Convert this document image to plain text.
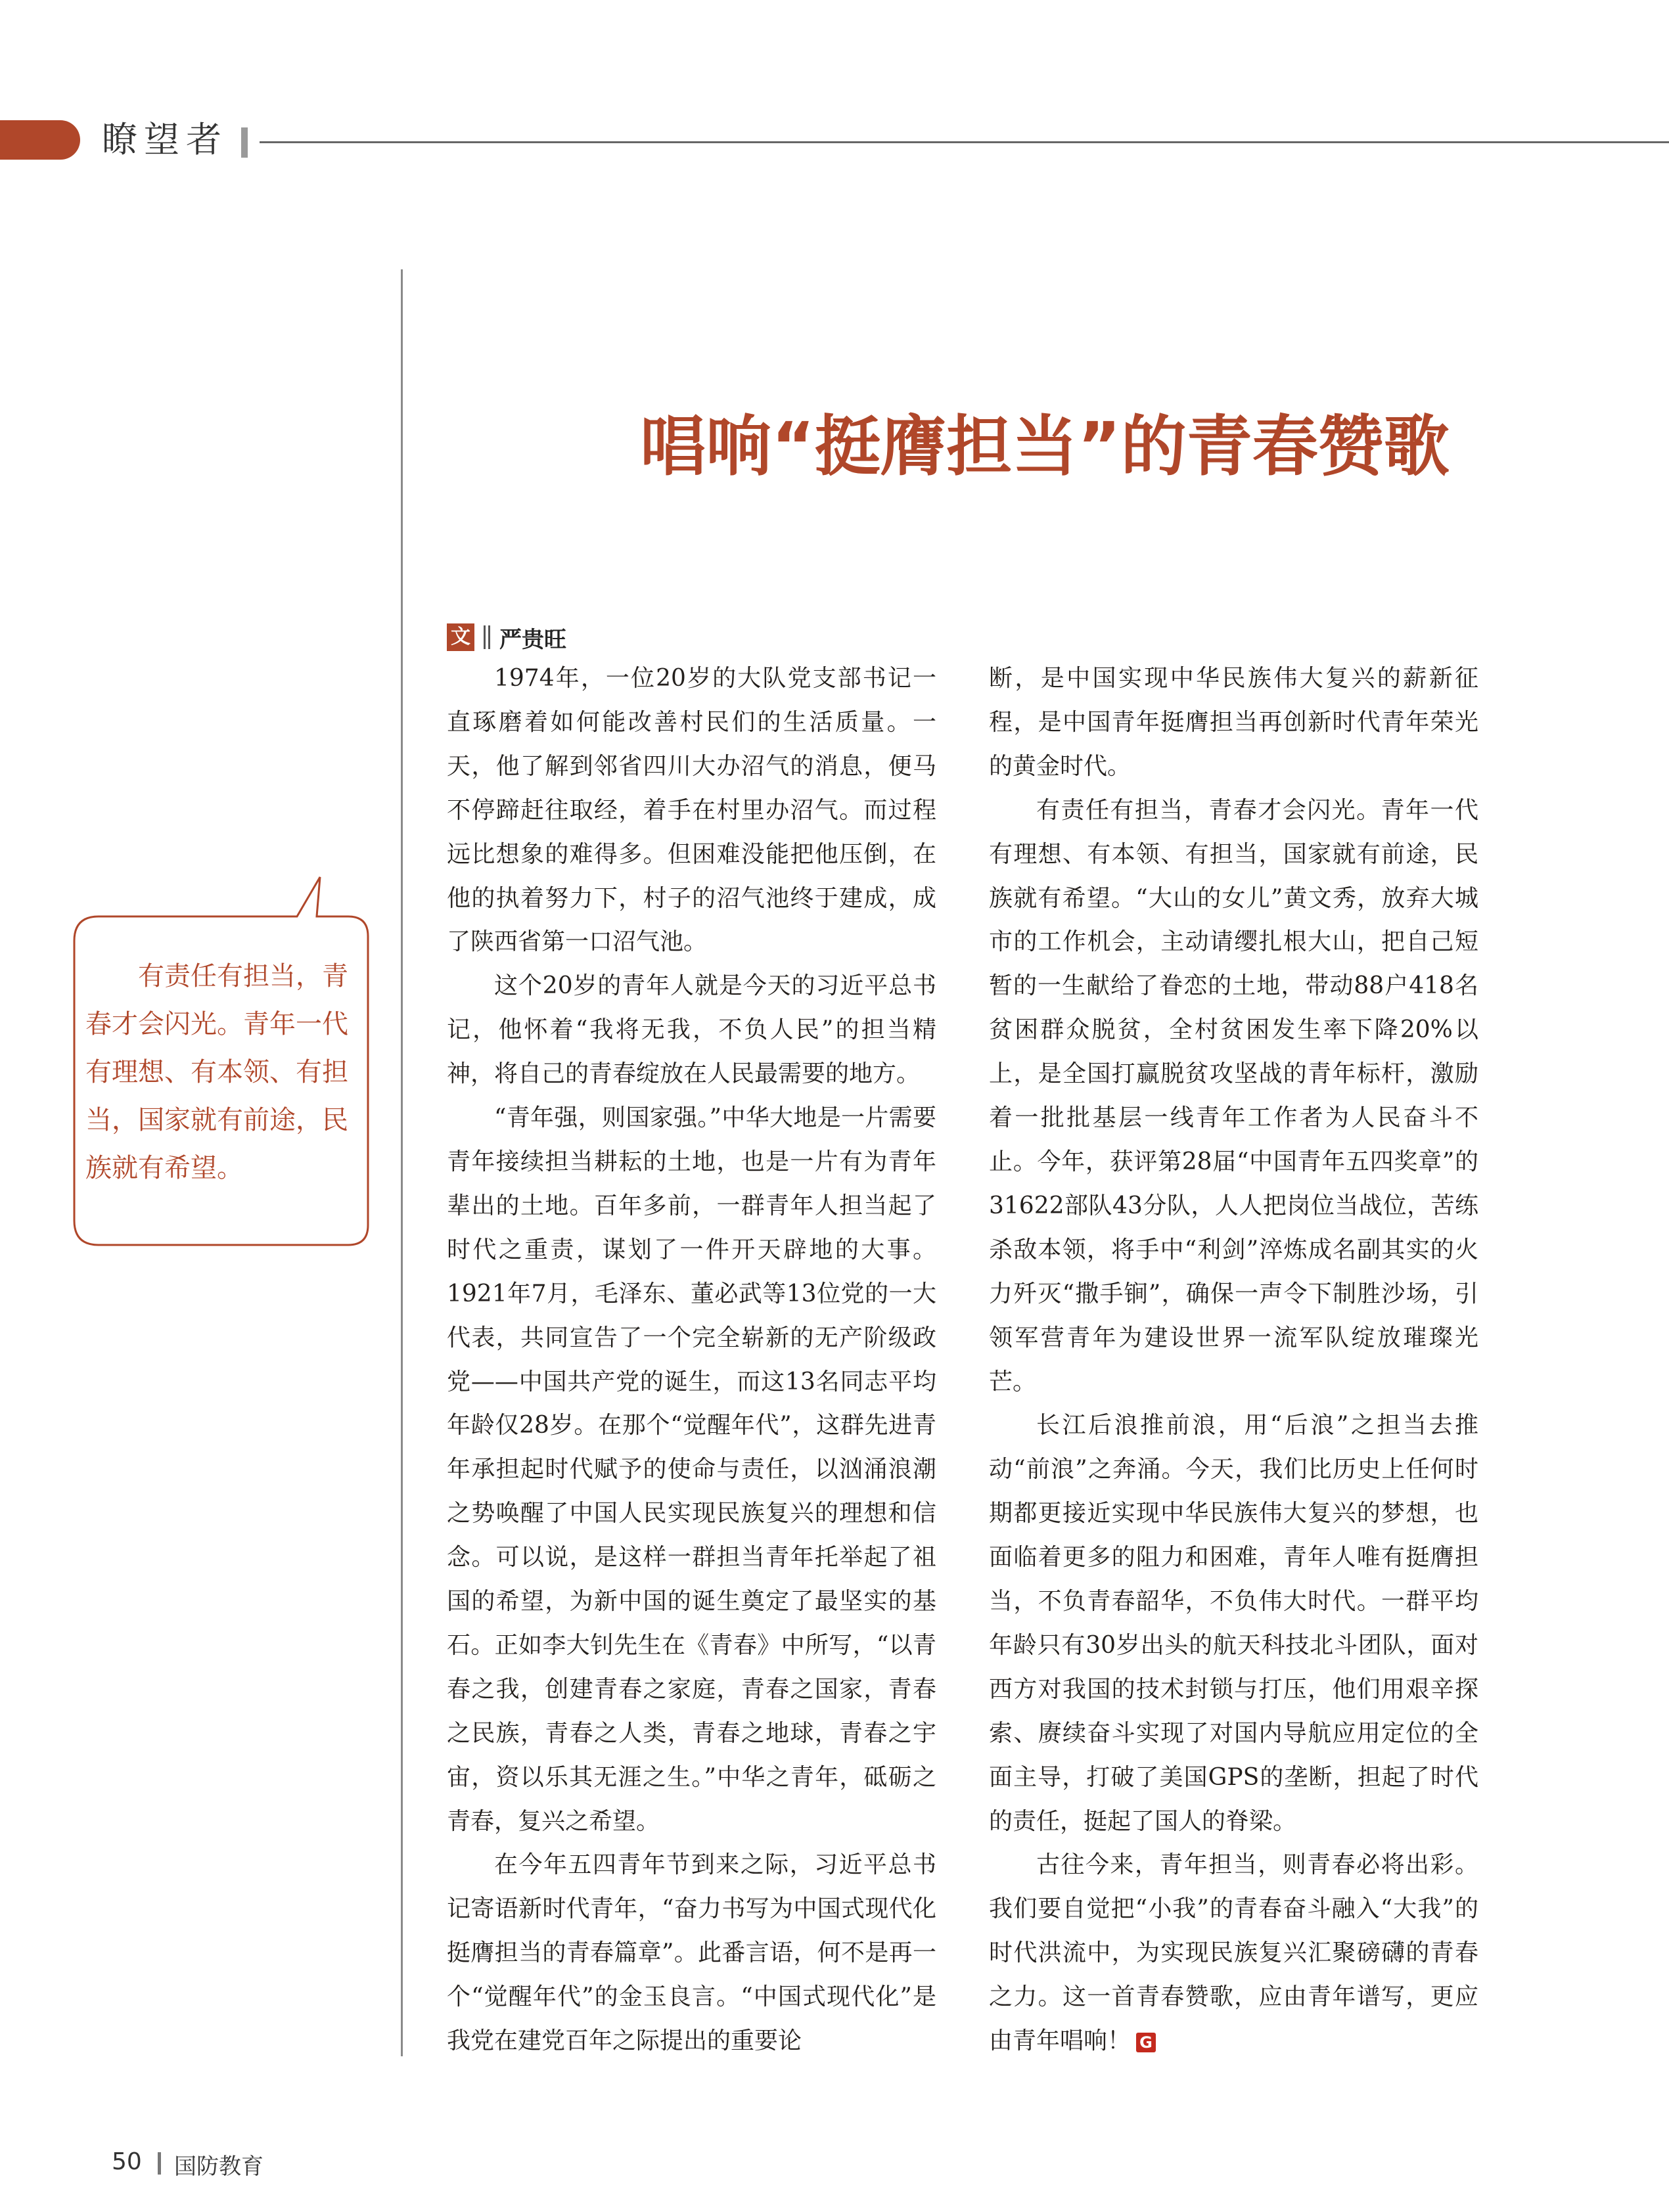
瞭望者
唱响“挺膺担当”的青春赞歌
文 严贵旺
有责任有担当，青春才会闪光。青年一代有理想、有本领、有担当，国家就有前途，民族就有希望。

1974年，一位20岁的大队党支部书记一直琢磨着如何能改善村民们的生活质量。一天，他了解到邻省四川大办沼气的消息，便马不停蹄赶往取经，着手在村里办沼气。而过程远比想象的难得多。但困难没能把他压倒，在他的执着努力下，村子的沼气池终于建成，成了陕西省第一口沼气池。

这个20岁的青年人就是今天的习近平总书记，他怀着“我将无我，不负人民”的担当精神，将自己的青春绽放在人民最需要的地方。

“青年强，则国家强。”中华大地是一片需要青年接续担当耕耘的土地，也是一片有为青年辈出的土地。百年多前，一群青年人担当起了时代之重责，谋划了一件开天辟地的大事。1921年7月，毛泽东、董必武等13位党的一大代表，共同宣告了一个完全崭新的无产阶级政党——中国共产党的诞生，而这13名同志平均年龄仅28岁。在那个“觉醒年代”，这群先进青年承担起时代赋予的使命与责任，以汹涌浪潮之势唤醒了中国人民实现民族复兴的理想和信念。可以说，是这样一群担当青年托举起了祖国的希望，为新中国的诞生奠定了最坚实的基石。正如李大钊先生在《青春》中所写，“以青春之我，创建青春之家庭，青春之国家，青春之民族，青春之人类，青春之地球，青春之宇宙，资以乐其无涯之生。”中华之青年，砥砺之青春，复兴之希望。

在今年五四青年节到来之际，习近平总书记寄语新时代青年，“奋力书写为中国式现代化挺膺担当的青春篇章”。此番言语，何不是再一个“觉醒年代”的金玉良言。“中国式现代化”是我党在建党百年之际提出的重要论

断，是中国实现中华民族伟大复兴的薪新征程，是中国青年挺膺担当再创新时代青年荣光的黄金时代。

有责任有担当，青春才会闪光。青年一代有理想、有本领、有担当，国家就有前途，民族就有希望。“大山的女儿”黄文秀，放弃大城市的工作机会，主动请缨扎根大山，把自己短暂的一生献给了眷恋的土地，带动88户418名贫困群众脱贫，全村贫困发生率下降20%以上，是全国打赢脱贫攻坚战的青年标杆，激励着一批批基层一线青年工作者为人民奋斗不止。今年，获评第28届“中国青年五四奖章”的31622部队43分队，人人把岗位当战位，苦练杀敌本领，将手中“利剑”淬炼成名副其实的火力歼灭“撒手锏”，确保一声令下制胜沙场，引领军营青年为建设世界一流军队绽放璀璨光芒。

长江后浪推前浪，用“后浪”之担当去推动“前浪”之奔涌。今天，我们比历史上任何时期都更接近实现中华民族伟大复兴的梦想，也面临着更多的阻力和困难，青年人唯有挺膺担当，不负青春韶华，不负伟大时代。一群平均年龄只有30岁出头的航天科技北斗团队，面对西方对我国的技术封锁与打压，他们用艰辛探索、赓续奋斗实现了对国内导航应用定位的全面主导，打破了美国GPS的垄断，担起了时代的责任，挺起了国人的脊梁。

古往今来，青年担当，则青春必将出彩。我们要自觉把“小我”的青春奋斗融入“大我”的时代洪流中，为实现民族复兴汇聚磅礴的青春之力。这一首青春赞歌，应由青年谱写，更应由青年唱响！ G

50 国防教育
